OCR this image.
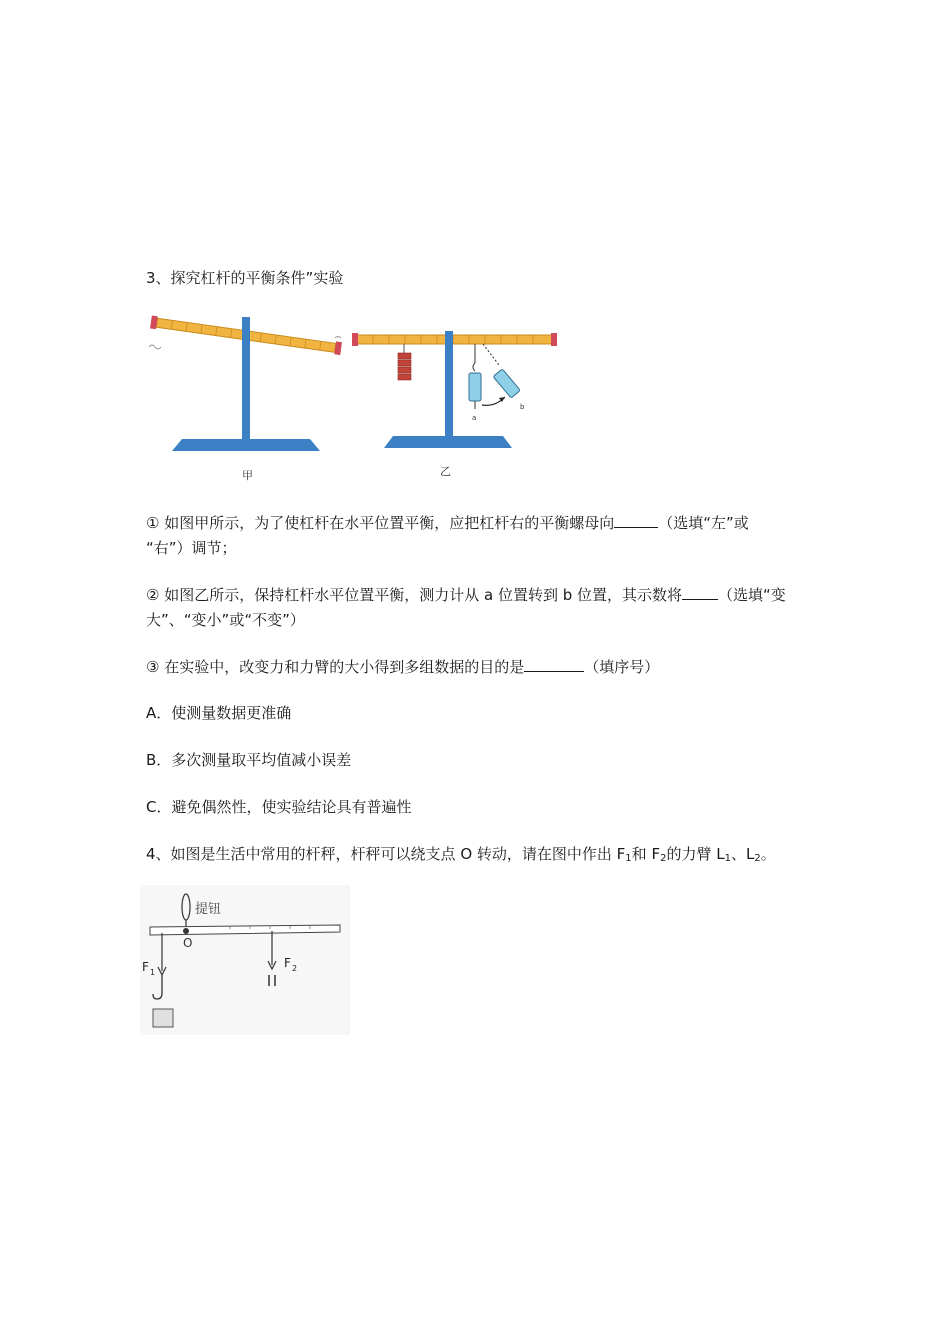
3、探究杠杆的平衡条件”实验
a
b
甲	乙
① 如图甲所示，为了使杠杆在水平位置平衡，应把杠杆右的平衡螺母向	（选填“左”或
“右”）调节；
② 如图乙所示，保持杠杆水平位置平衡，测力计从 a 位置转到 b 位置，其示数将 （选填“变
大”、“变小”或“不变”）
③ 在实验中，改变力和力臂的大小得到多组数据的目的是	（填序号）
A．使测量数据更准确
B．多次测量取平均值减小误差
C．避免偶然性，使实验结论具有普遍性
4、如图是生活中常用的杆秤，杆秤可以绕支点 O 转动，请在图中作出 $F_1$和 $F_2$的力臂 $L_1$、$L_2$。
提钮
O
F 1
F 2
